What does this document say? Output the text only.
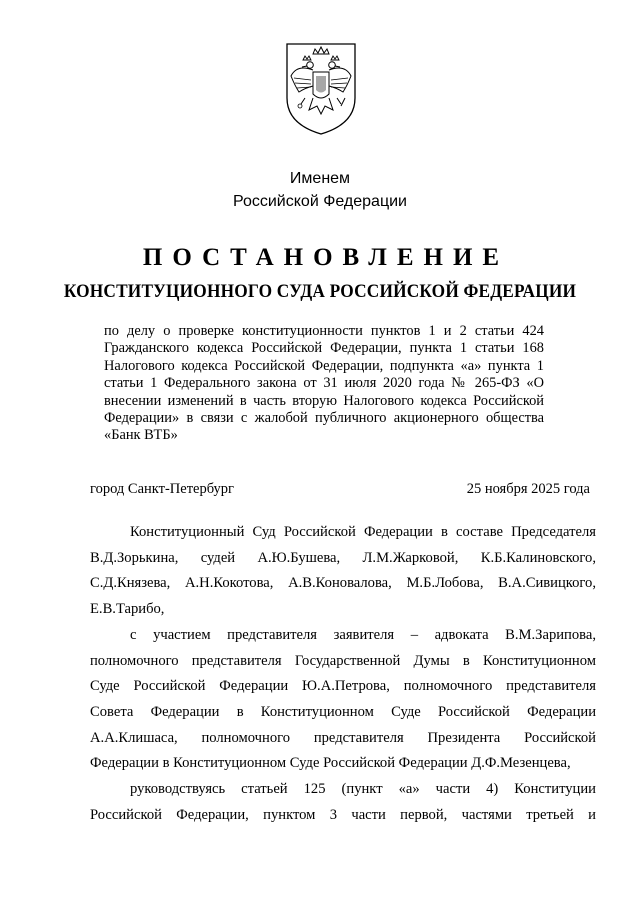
Именем
Российской Федерации
ПОСТАНОВЛЕНИЕ
КОНСТИТУЦИОННОГО СУДА РОССИЙСКОЙ ФЕДЕРАЦИИ
по делу о проверке конституционности пунктов 1 и 2 статьи 424
Гражданского кодекса Российской Федерации, пункта 1 статьи 168
Налогового кодекса Российской Федерации, подпункта «а» пункта 1
статьи 1 Федерального закона от 31 июля 2020 года № 265-ФЗ «О
внесении изменений в часть вторую Налогового кодекса Российской
Федерации» в связи с жалобой публичного акционерного общества
«Банк ВТБ»
город Санкт-Петербург	25 ноября 2025 года
Конституционный Суд Российской Федерации в составе Председателя
В.Д.Зорькина, судей А.Ю.Бушева, Л.М.Жарковой, К.Б.Калиновского,
С.Д.Князева, А.Н.Кокотова, А.В.Коновалова, М.Б.Лобова, В.А.Сивицкого,
Е.В.Тарибо,
с участием представителя заявителя – адвоката В.М.Зарипова,
полномочного представителя Государственной Думы в Конституционном
Суде Российской Федерации Ю.А.Петрова, полномочного представителя
Совета Федерации в Конституционном Суде Российской Федерации
А.А.Клишаса, полномочного представителя Президента Российской
Федерации в Конституционном Суде Российской Федерации Д.Ф.Мезенцева,
руководствуясь статьей 125 (пункт «а» части 4) Конституции
Российской Федерации, пунктом 3 части первой, частями третьей и
